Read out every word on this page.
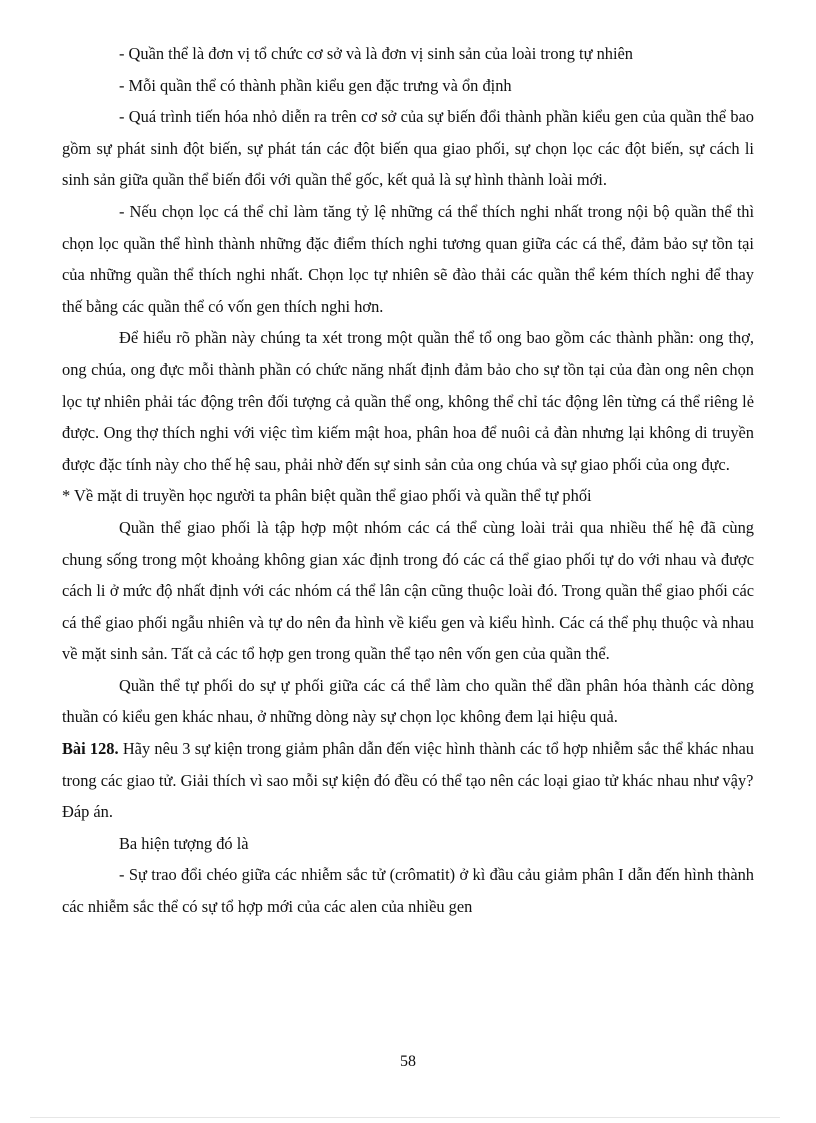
- Quần thể là đơn vị tổ chức cơ sở và là đơn vị sinh sản của loài trong tự nhiên

- Mỗi quần thể có thành phần kiểu gen đặc trưng và ổn định

- Quá trình tiến hóa nhỏ diễn ra trên cơ sở của sự biến đổi thành phần kiểu gen của quần thể bao gồm sự phát sinh đột biến, sự phát tán các đột biến qua giao phối, sự chọn lọc các đột biến, sự cách li sinh sản giữa quần thể biến đổi với quần thể gốc, kết quả là sự hình thành loài mới.

- Nếu chọn lọc cá thể chỉ làm tăng tỷ lệ những cá thể thích nghi nhất trong nội bộ quần thể thì chọn lọc quần thể hình thành những đặc điểm thích nghi tương quan giữa các cá thể, đảm bảo sự tồn tại của những quần thể thích nghi nhất. Chọn lọc tự nhiên sẽ đào thải các quần thể kém thích nghi để thay thế bằng các quần thể có vốn gen thích nghi hơn.

Để hiểu rõ phần này chúng ta xét trong một quần thể tổ ong bao gồm các thành phần: ong thợ, ong chúa, ong đực mỗi thành phần có chức năng nhất định đảm bảo cho sự tồn tại của đàn ong nên chọn lọc tự nhiên phải tác động trên đối tượng cả quần thể ong, không thể chỉ tác động lên từng cá thể riêng lẻ được. Ong thợ thích nghi với việc tìm kiếm mật hoa, phân hoa để nuôi cả đàn nhưng lại không di truyền được đặc tính này cho thế hệ sau, phải nhờ đến sự sinh sản của ong chúa và sự giao phối của ong đực.

* Về mặt di truyền học người ta phân biệt quần thể giao phối và quần thể tự phối

Quần thể giao phối là tập hợp một nhóm các cá thể cùng loài trải qua nhiều thế hệ đã cùng chung sống trong một khoảng không gian xác định trong đó các cá thể giao phối tự do với nhau và được cách li ở mức độ nhất định với các nhóm cá thể lân cận cũng thuộc loài đó. Trong quần thể giao phối các cá thể giao phối ngẫu nhiên và tự do nên đa hình về kiểu gen và kiểu hình. Các cá thể phụ thuộc và nhau về mặt sinh sản. Tất cả các tổ hợp gen trong quần thể tạo nên vốn gen của quần thể.

Quần thể tự phối do sự ự phối giữa các cá thể làm cho quần thể dần phân hóa thành các dòng thuần có kiểu gen khác nhau, ở những dòng này sự chọn lọc không đem lại hiệu quả.

Bài 128. Hãy nêu 3 sự kiện trong giảm phân dẫn đến việc hình thành các tổ hợp nhiễm sắc thể khác nhau trong các giao tử. Giải thích vì sao mỗi sự kiện đó đều có thể tạo nên các loại giao tử khác nhau như vậy?

Đáp án.

Ba hiện tượng đó là

- Sự trao đổi chéo giữa các nhiễm sắc tử (crômatit) ở kì đầu cảu giảm phân I dẫn đến hình thành các nhiễm sắc thể có sự tổ hợp mới của các alen của nhiều gen

58
